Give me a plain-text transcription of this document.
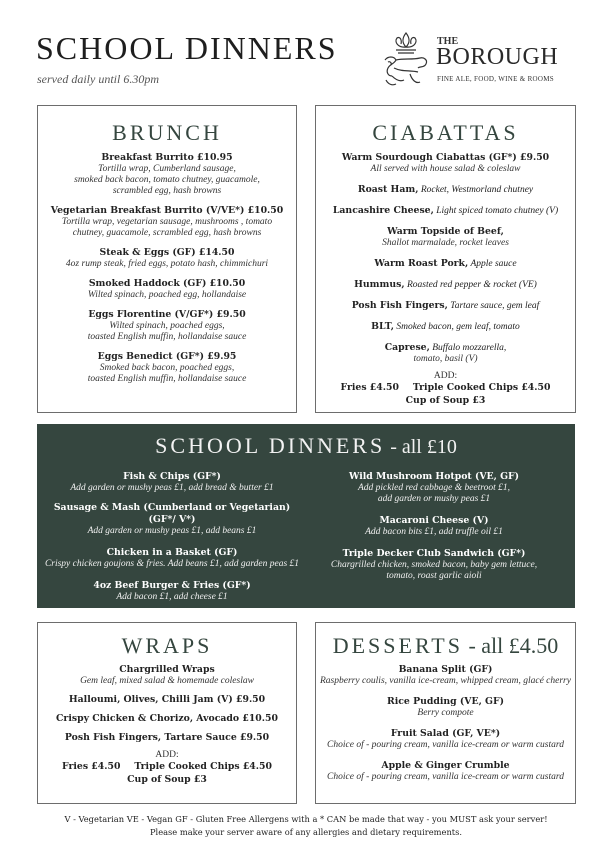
SCHOOL DINNERS
served daily until 6.30pm
THE
BOROUGH
FINE ALE, FOOD, WINE & ROOMS
BRUNCH
Breakfast Burrito £10.95
Tortilla wrap, Cumberland sausage,
smoked back bacon, tomato chutney, guacamole,
scrambled egg, hash browns
Vegetarian Breakfast Burrito (V/VE*) £10.50
Tortilla wrap, vegetarian sausage, mushrooms , tomato
chutney, guacamole, scrambled egg, hash browns
Steak & Eggs (GF) £14.50
4oz rump steak, fried eggs, potato hash, chimmichuri
Smoked Haddock (GF) £10.50
Wilted spinach, poached egg, hollandaise
Eggs Florentine (V/GF*) £9.50
Wilted spinach, poached eggs,
toasted English muffin, hollandaise sauce
Eggs Benedict (GF*) £9.95
Smoked back bacon, poached eggs,
toasted English muffin, hollandaise sauce
CIABATTAS
Warm Sourdough Ciabattas (GF*) £9.50
All served with house salad & coleslaw
Roast Ham, Rocket, Westmorland chutney
Lancashire Cheese, Light spiced tomato chutney (V)
Warm Topside of Beef,
Shallot marmalade, rocket leaves
Warm Roast Pork, Apple sauce
Hummus, Roasted red pepper & rocket (VE)
Posh Fish Fingers, Tartare sauce, gem leaf
BLT, Smoked bacon, gem leaf, tomato
Caprese, Buffalo mozzarella,
tomato, basil (V)
ADD:
Fries £4.50 Triple Cooked Chips £4.50
Cup of Soup £3
SCHOOL DINNERS - all £10
Fish & Chips (GF*)
Add garden or mushy peas £1, add bread & butter £1
Sausage & Mash (Cumberland or Vegetarian) (GF*/ V*)
Add garden or mushy peas £1, add beans £1
Chicken in a Basket (GF)
Crispy chicken goujons & fries. Add beans £1, add garden peas £1
4oz Beef Burger & Fries (GF*)
Add bacon £1, add cheese £1
Wild Mushroom Hotpot (VE, GF)
Add pickled red cabbage & beetroot £1,
add garden or mushy peas £1
Macaroni Cheese (V)
Add bacon bits £1, add truffle oil £1
Triple Decker Club Sandwich (GF*)
Chargrilled chicken, smoked bacon, baby gem lettuce,
tomato, roast garlic aioli
WRAPS
Chargrilled Wraps
Gem leaf, mixed salad & homemade coleslaw
Halloumi, Olives, Chilli Jam (V) £9.50
Crispy Chicken & Chorizo, Avocado £10.50
Posh Fish Fingers, Tartare Sauce £9.50
ADD:
Fries £4.50 Triple Cooked Chips £4.50
Cup of Soup £3
DESSERTS - all £4.50
Banana Split (GF)
Raspberry coulis, vanilla ice-cream, whipped cream, glacé cherry
Rice Pudding (VE, GF)
Berry compote
Fruit Salad (GF, VE*)
Choice of - pouring cream, vanilla ice-cream or warm custard
Apple & Ginger Crumble
Choice of - pouring cream, vanilla ice-cream or warm custard
V - Vegetarian VE - Vegan GF - Gluten Free Allergens with a * CAN be made that way - you MUST ask your server!
Please make your server aware of any allergies and dietary requirements.
